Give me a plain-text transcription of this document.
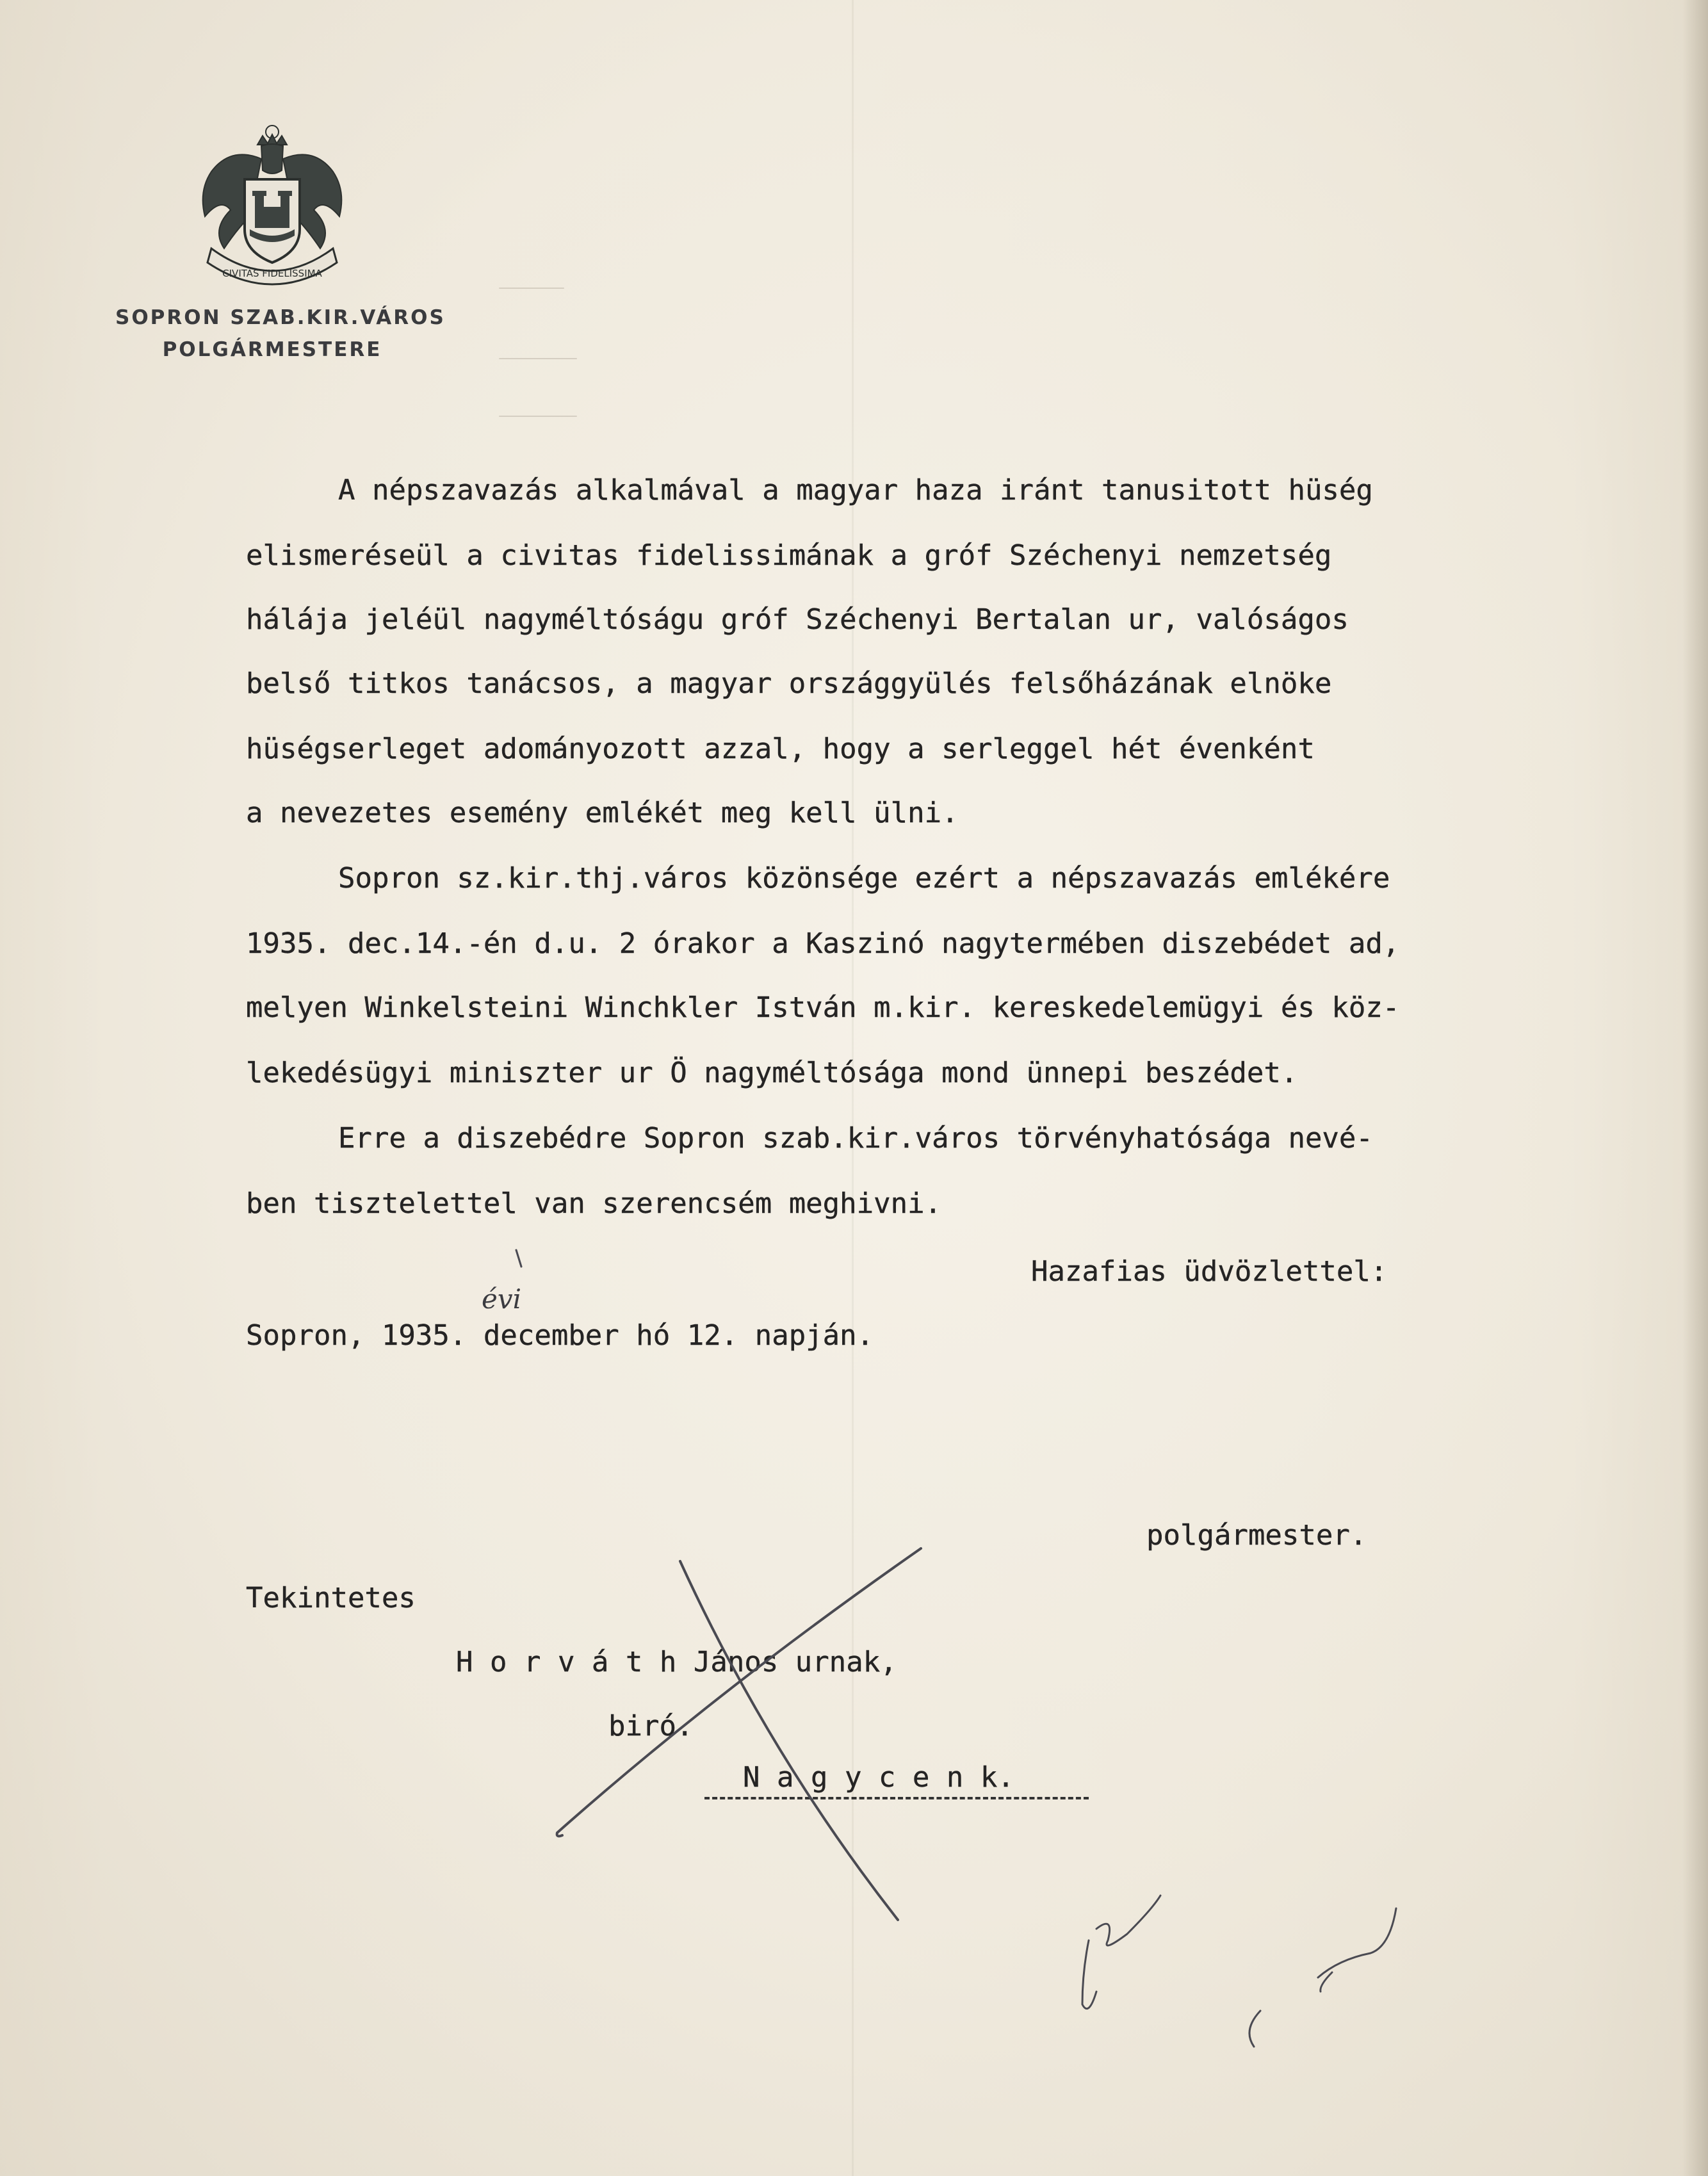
CIVITAS FIDELISSIMA
SOPRON SZAB.KIR.VÁROS
POLGÁRMESTERE
A népszavazás alkalmával a magyar haza iránt tanusitott hüség
elismeréseül a civitas fidelissimának a gróf Széchenyi nemzetség
hálája jeléül nagyméltóságu gróf Széchenyi Bertalan ur, valóságos
belső titkos tanácsos, a magyar országgyülés felsőházának elnöke
hüségserleget adományozott azzal, hogy a serleggel hét évenként
a nevezetes esemény emlékét meg kell ülni.
Sopron sz.kir.thj.város közönsége ezért a népszavazás emlékére
1935. dec.14.-én d.u. 2 órakor a Kaszinó nagytermében diszebédet ad,
melyen Winkelsteini Winchkler István m.kir. kereskedelemügyi és köz-
lekedésügyi miniszter ur Ö nagyméltósága mond ünnepi beszédet.
Erre a diszebédre Sopron szab.kir.város törvényhatósága nevé-
ben tisztelettel van szerencsém meghivni.
Hazafias üdvözlettel:
évi
Sopron, 1935. december hó 12. napján.
polgármester.
Tekintetes
H o r v á t h János urnak,
biró.
N a g y c e n k.
